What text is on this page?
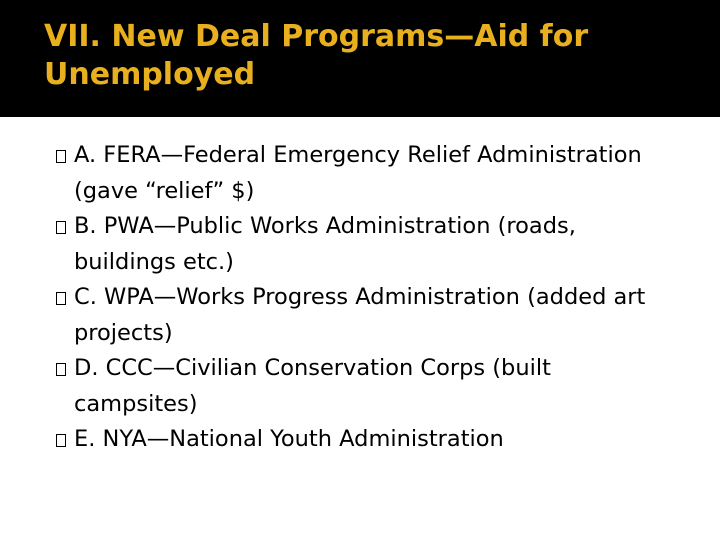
VII. New Deal Programs—Aid for Unemployed
A. FERA—Federal Emergency Relief Administration (gave “relief” $)
B. PWA—Public Works Administration (roads, buildings etc.)
C. WPA—Works Progress Administration (added art projects)
D. CCC—Civilian Conservation Corps (built campsites)
E. NYA—National Youth Administration
